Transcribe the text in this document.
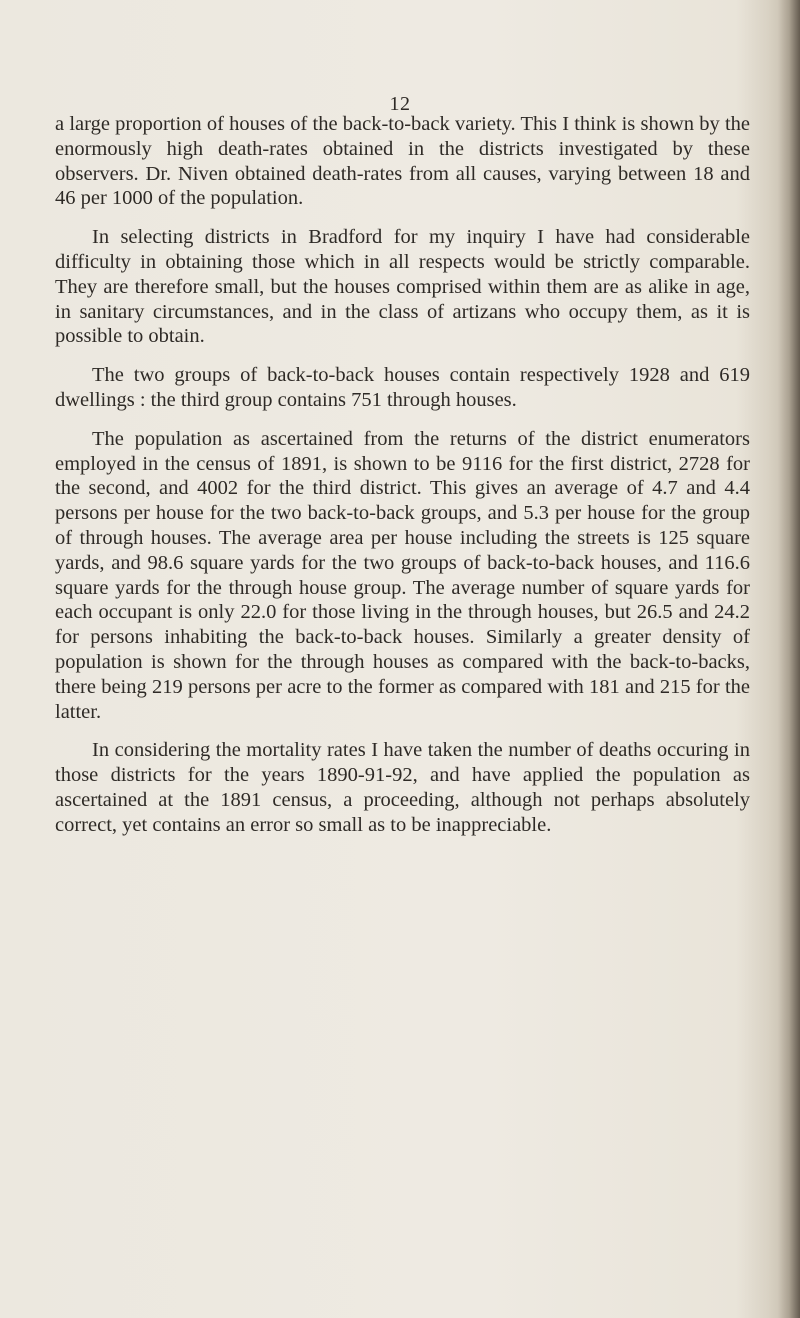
12

a large proportion of houses of the back-to-back variety. This I think is shown by the enormously high death-rates obtained in the districts investigated by these observers. Dr. Niven obtained death-rates from all causes, varying between 18 and 46 per 1000 of the population.

In selecting districts in Bradford for my inquiry I have had considerable difficulty in obtaining those which in all respects would be strictly comparable. They are therefore small, but the houses comprised within them are as alike in age, in sanitary circumstances, and in the class of artizans who occupy them, as it is possible to obtain.

The two groups of back-to-back houses contain respectively 1928 and 619 dwellings : the third group contains 751 through houses.

The population as ascertained from the returns of the district enumerators employed in the census of 1891, is shown to be 9116 for the first district, 2728 for the second, and 4002 for the third district. This gives an average of 4.7 and 4.4 persons per house for the two back-to-back groups, and 5.3 per house for the group of through houses. The average area per house including the streets is 125 square yards, and 98.6 square yards for the two groups of back-to-back houses, and 116.6 square yards for the through house group. The average number of square yards for each occupant is only 22.0 for those living in the through houses, but 26.5 and 24.2 for persons inhabiting the back-to-back houses. Similarly a greater density of population is shown for the through houses as compared with the back-to-backs, there being 219 persons per acre to the former as compared with 181 and 215 for the latter.

In considering the mortality rates I have taken the number of deaths occuring in those districts for the years 1890-91-92, and have applied the population as ascertained at the 1891 census, a proceeding, although not perhaps absolutely correct, yet contains an error so small as to be inappreciable.
